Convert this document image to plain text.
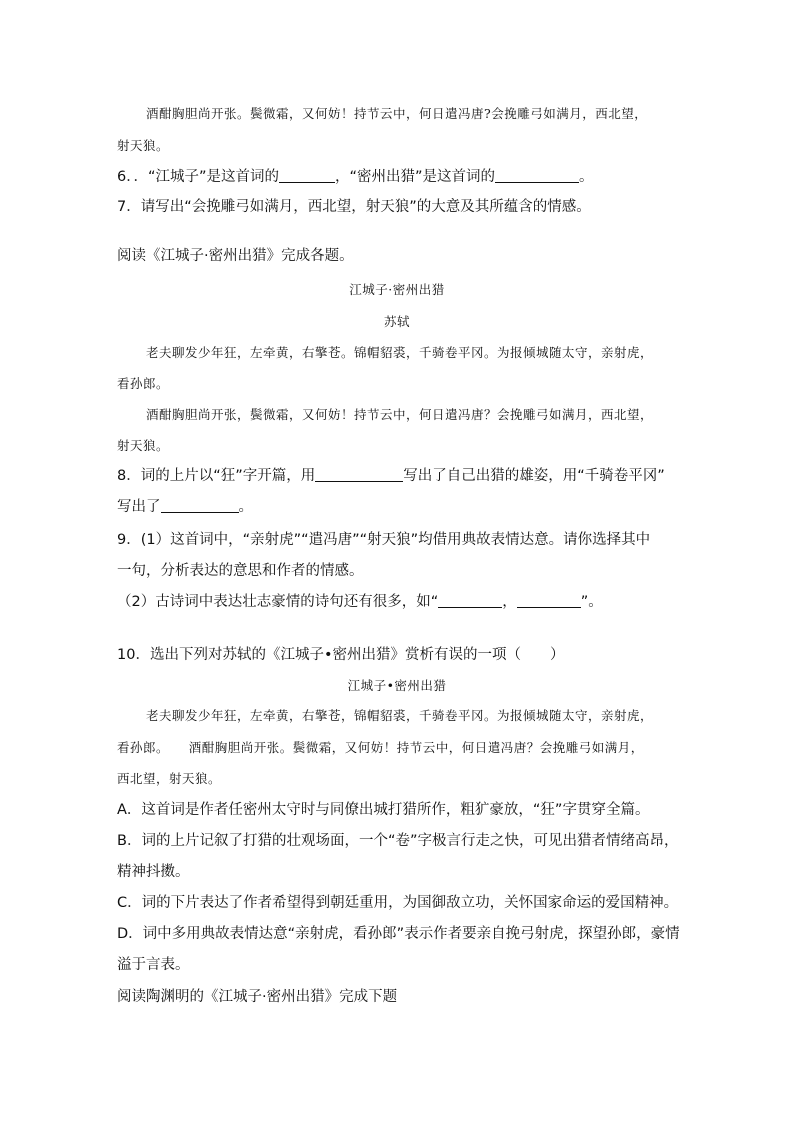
酒酣胸胆尚开张。鬓微霜，又何妨！持节云中，何日遣冯唐?会挽雕弓如满月，西北望，
射天狼。
6．．“江城子”是这首词的	，“密州出猎”是这首词的	。
7．请写出“会挽雕弓如满月，西北望，射天狼”的大意及其所蕴含的情感。
阅读《江城子·密州出猎》完成各题。
江城子·密州出猎
苏轼
老夫聊发少年狂，左牵黄，右擎苍。锦帽貂裘，千骑卷平冈。为报倾城随太守，亲射虎，
看孙郎。
酒酣胸胆尚开张，鬓微霜，又何妨！持节云中，何日遣冯唐？会挽雕弓如满月，西北望，
射天狼。
8．词的上片以“狂”字开篇，用	写出了自己出猎的雄姿，用“千骑卷平冈”
写出了	。
9．(1）这首词中，“亲射虎”“遣冯唐”“射天狼”均借用典故表情达意。请你选择其中
一句，分析表达的意思和作者的情感。
（2）古诗词中表达壮志豪情的诗句还有很多，如“	，	”。
10．选出下列对苏轼的《江城子•密州出猎》赏析有误的一项（　　）
江城子•密州出猎
老夫聊发少年狂，左牵黄，右擎苍，锦帽貂裘，千骑卷平冈。为报倾城随太守，亲射虎，
看孙郎。　　酒酣胸胆尚开张。鬓微霜，又何妨！持节云中，何日遣冯唐？会挽雕弓如满月，
西北望，射天狼。
A．这首词是作者任密州太守时与同僚出城打猎所作，粗犷豪放，“狂”字贯穿全篇。
B．词的上片记叙了打猎的壮观场面，一个“卷”字极言行走之快，可见出猎者情绪高昂，
精神抖擞。
C．词的下片表达了作者希望得到朝廷重用，为国御敌立功，关怀国家命运的爱国精神。
D．词中多用典故表情达意“亲射虎，看孙郎”表示作者要亲自挽弓射虎，探望孙郎，豪情
溢于言表。
阅读陶渊明的《江城子·密州出猎》完成下题
